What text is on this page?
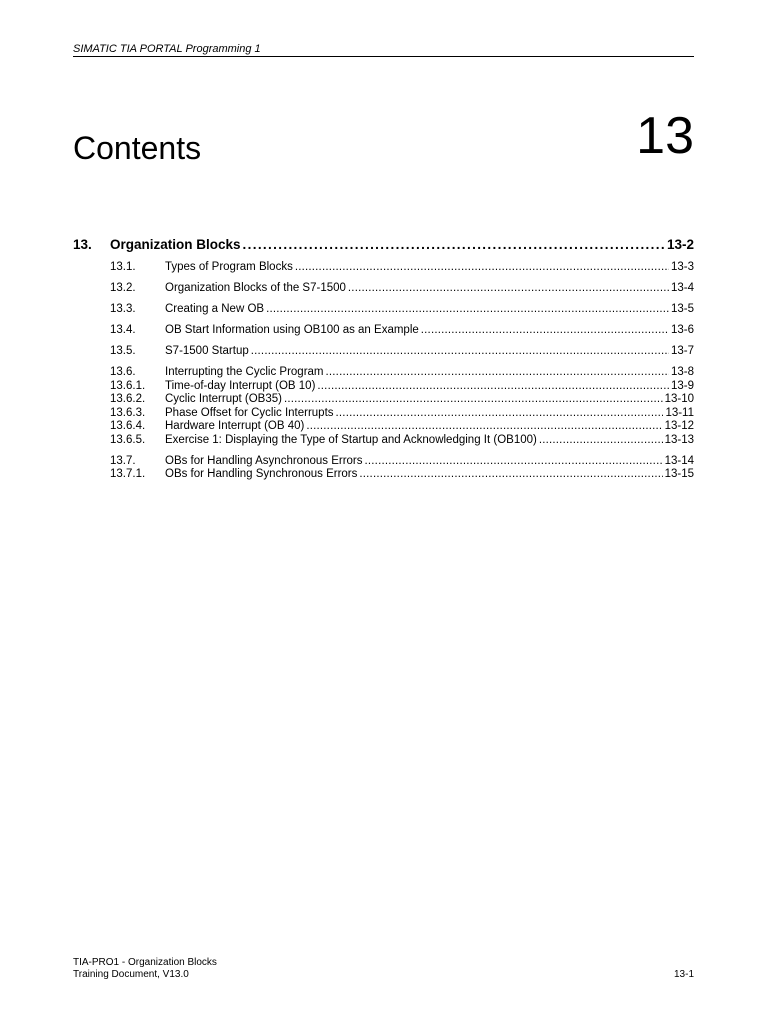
SIMATIC TIA PORTAL Programming 1
Contents	13
13.	Organization Blocks . . .	13-2
13.1.	Types of Program Blocks . . .	13-3
13.2.	Organization Blocks of the S7-1500 . . .	13-4
13.3.	Creating a New OB . . .	13-5
13.4.	OB Start Information using OB100 as an Example . . .	13-6
13.5.	S7-1500 Startup . . .	13-7
13.6.	Interrupting the Cyclic Program . . .	13-8
13.6.1.	Time-of-day Interrupt (OB 10) . . .	13-9
13.6.2.	Cyclic Interrupt (OB35) . . .	13-10
13.6.3.	Phase Offset for Cyclic Interrupts . . .	13-11
13.6.4.	Hardware Interrupt (OB 40) . . .	13-12
13.6.5.	Exercise 1: Displaying the Type of Startup and Acknowledging It (OB100) . . .	13-13
13.7.	OBs for Handling Asynchronous Errors . . .	13-14
13.7.1.	OBs for Handling Synchronous Errors . . .	13-15
TIA-PRO1 - Organization Blocks
Training Document, V13.0	13-1
